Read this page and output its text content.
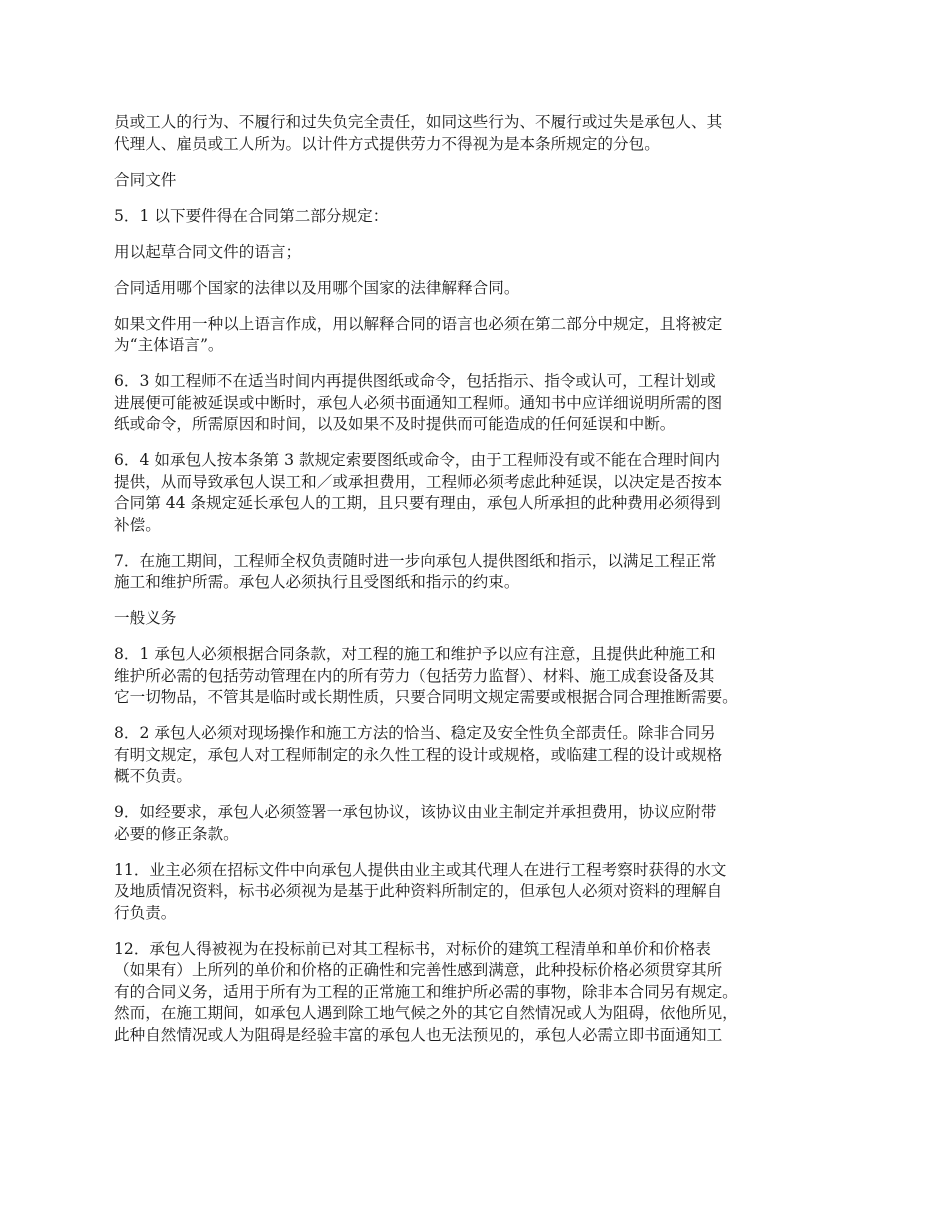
员或工人的行为、不履行和过失负完全责任，如同这些行为、不履行或过失是承包人、其
代理人、雇员或工人所为。以计件方式提供劳力不得视为是本条所规定的分包。

合同文件

5．1 以下要件得在合同第二部分规定：

用以起草合同文件的语言；

合同适用哪个国家的法律以及用哪个国家的法律解释合同。

如果文件用一种以上语言作成，用以解释合同的语言也必须在第二部分中规定，且将被定
为“主体语言”。

6．3 如工程师不在适当时间内再提供图纸或命令，包括指示、指令或认可，工程计划或
进展便可能被延误或中断时，承包人必须书面通知工程师。通知书中应详细说明所需的图
纸或命令，所需原因和时间，以及如果不及时提供而可能造成的任何延误和中断。

6．4 如承包人按本条第 3 款规定索要图纸或命令，由于工程师没有或不能在合理时间内
提供，从而导致承包人误工和／或承担费用，工程师必须考虑此种延误，以决定是否按本
合同第 44 条规定延长承包人的工期，且只要有理由，承包人所承担的此种费用必须得到
补偿。

7．在施工期间，工程师全权负责随时进一步向承包人提供图纸和指示，以满足工程正常
施工和维护所需。承包人必须执行且受图纸和指示的约束。

一般义务

8．1 承包人必须根据合同条款，对工程的施工和维护予以应有注意，且提供此种施工和
维护所必需的包括劳动管理在内的所有劳力（包括劳力监督）、材料、施工成套设备及其
它一切物品，不管其是临时或长期性质，只要合同明文规定需要或根据合同合理推断需要。

8．2 承包人必须对现场操作和施工方法的恰当、稳定及安全性负全部责任。除非合同另
有明文规定，承包人对工程师制定的永久性工程的设计或规格，或临建工程的设计或规格
概不负责。

9．如经要求，承包人必须签署一承包协议，该协议由业主制定并承担费用，协议应附带
必要的修正条款。

11．业主必须在招标文件中向承包人提供由业主或其代理人在进行工程考察时获得的水文
及地质情况资料，标书必须视为是基于此种资料所制定的，但承包人必须对资料的理解自
行负责。

12．承包人得被视为在投标前已对其工程标书，对标价的建筑工程清单和单价和价格表
（如果有）上所列的单价和价格的正确性和完善性感到满意，此种投标价格必须贯穿其所
有的合同义务，适用于所有为工程的正常施工和维护所必需的事物，除非本合同另有规定。
然而，在施工期间，如承包人遇到除工地气候之外的其它自然情况或人为阻碍，依他所见，
此种自然情况或人为阻碍是经验丰富的承包人也无法预见的，承包人必需立即书面通知工
